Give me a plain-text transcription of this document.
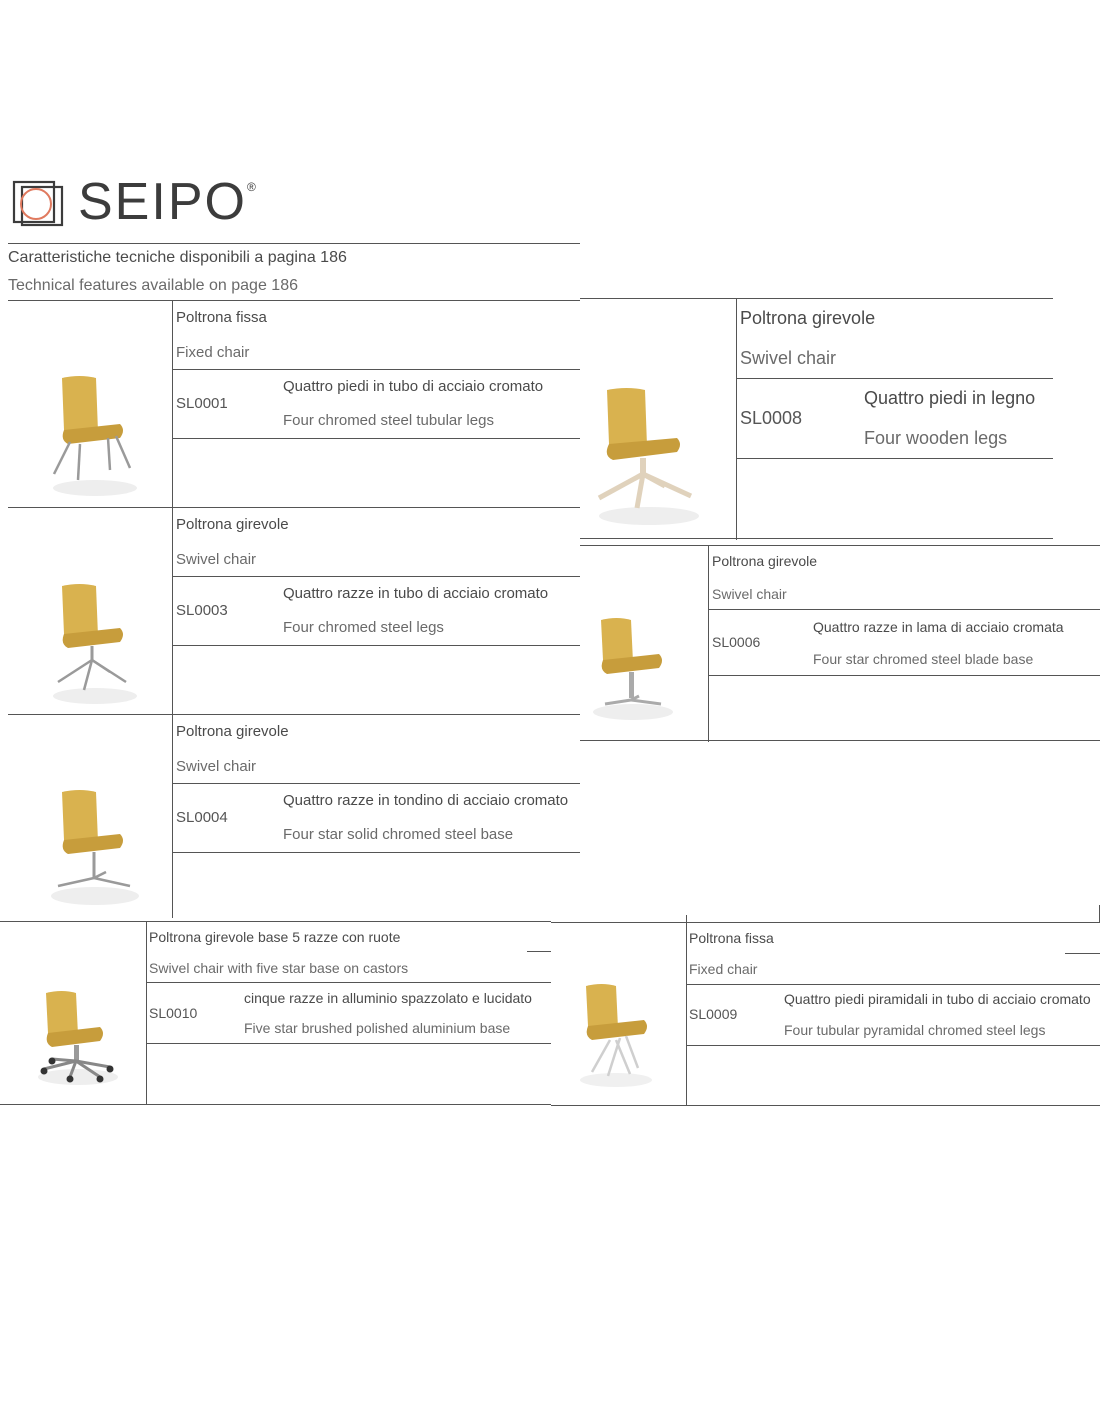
SEIPO®
Caratteristiche tecniche disponibili a pagina 186
Technical features available on page 186
Poltrona fissa
Fixed chair
SL0001
Quattro piedi in tubo di acciaio cromato
Four chromed steel tubular legs
Poltrona girevole
Swivel chair
SL0003
Quattro razze in tubo di acciaio cromato
Four chromed steel legs
Poltrona girevole
Swivel chair
SL0004
Quattro razze in tondino di acciaio cromato
Four star solid chromed steel base
Poltrona girevole base 5 razze con ruote
Swivel chair with five star base on castors
SL0010
cinque razze in alluminio spazzolato e lucidato
Five star brushed polished aluminium base
Poltrona girevole
Swivel chair
SL0008
Quattro piedi in legno
Four wooden legs
Poltrona girevole
Swivel chair
SL0006
Quattro razze in lama di acciaio cromata
Four star chromed steel blade base
Poltrona fissa
Fixed chair
SL0009
Quattro piedi piramidali in tubo di acciaio cromato
Four tubular pyramidal chromed steel legs
